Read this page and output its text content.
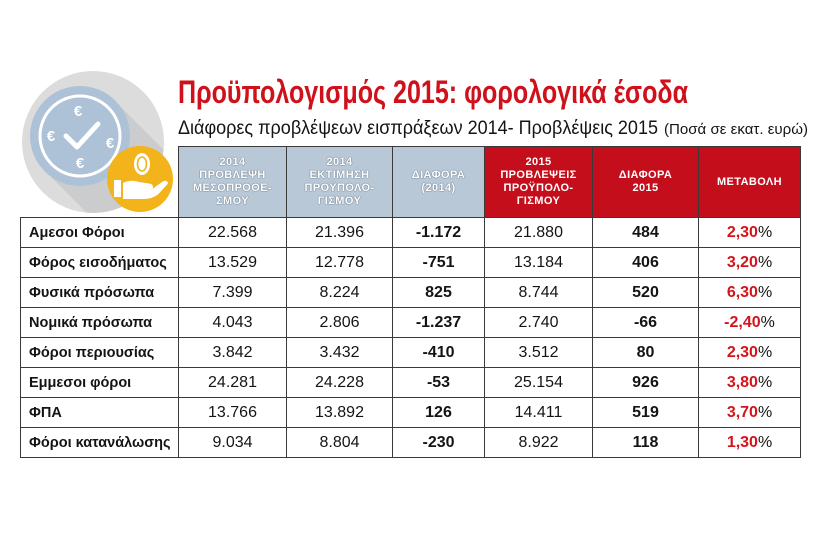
Προϋπολογισμός 2015: φορολογικά έσοδα
Διάφορες προβλέψεων εισπράξεων 2014- Προβλέψεις 2015 (Ποσά σε εκατ. ευρώ)

	2014
ΠΡΟΒΛΕΨΗ
ΜΕΣΟΠΡΟΘΕ-
ΣΜΟΥ	2014
ΕΚΤΙΜΗΣΗ
ΠΡΟΫΠΟΛΟ-
ΓΙΣΜΟΥ	ΔΙΑΦΟΡΑ
(2014)	2015
ΠΡΟΒΛΕΨΕΙΣ
ΠΡΟΫΠΟΛΟ-
ΓΙΣΜΟΥ	ΔΙΑΦΟΡΑ
2015	ΜΕΤΑΒΟΛΗ

Αμεσοι Φόροι	22.568	21.396	-1.172	21.880	484	2,30%
Φόρος εισοδήματος	13.529	12.778	-751	13.184	406	3,20%
Φυσικά πρόσωπα	7.399	8.224	825	8.744	520	6,30%
Νομικά πρόσωπα	4.043	2.806	-1.237	2.740	-66	-2,40%
Φόροι περιουσίας	3.842	3.432	-410	3.512	80	2,30%
Εμμεσοι φόροι	24.281	24.228	-53	25.154	926	3,80%
ΦΠΑ	13.766	13.892	126	14.411	519	3,70%
Φόροι κατανάλωσης	9.034	8.804	-230	8.922	118	1,30%
€
€	€
€
